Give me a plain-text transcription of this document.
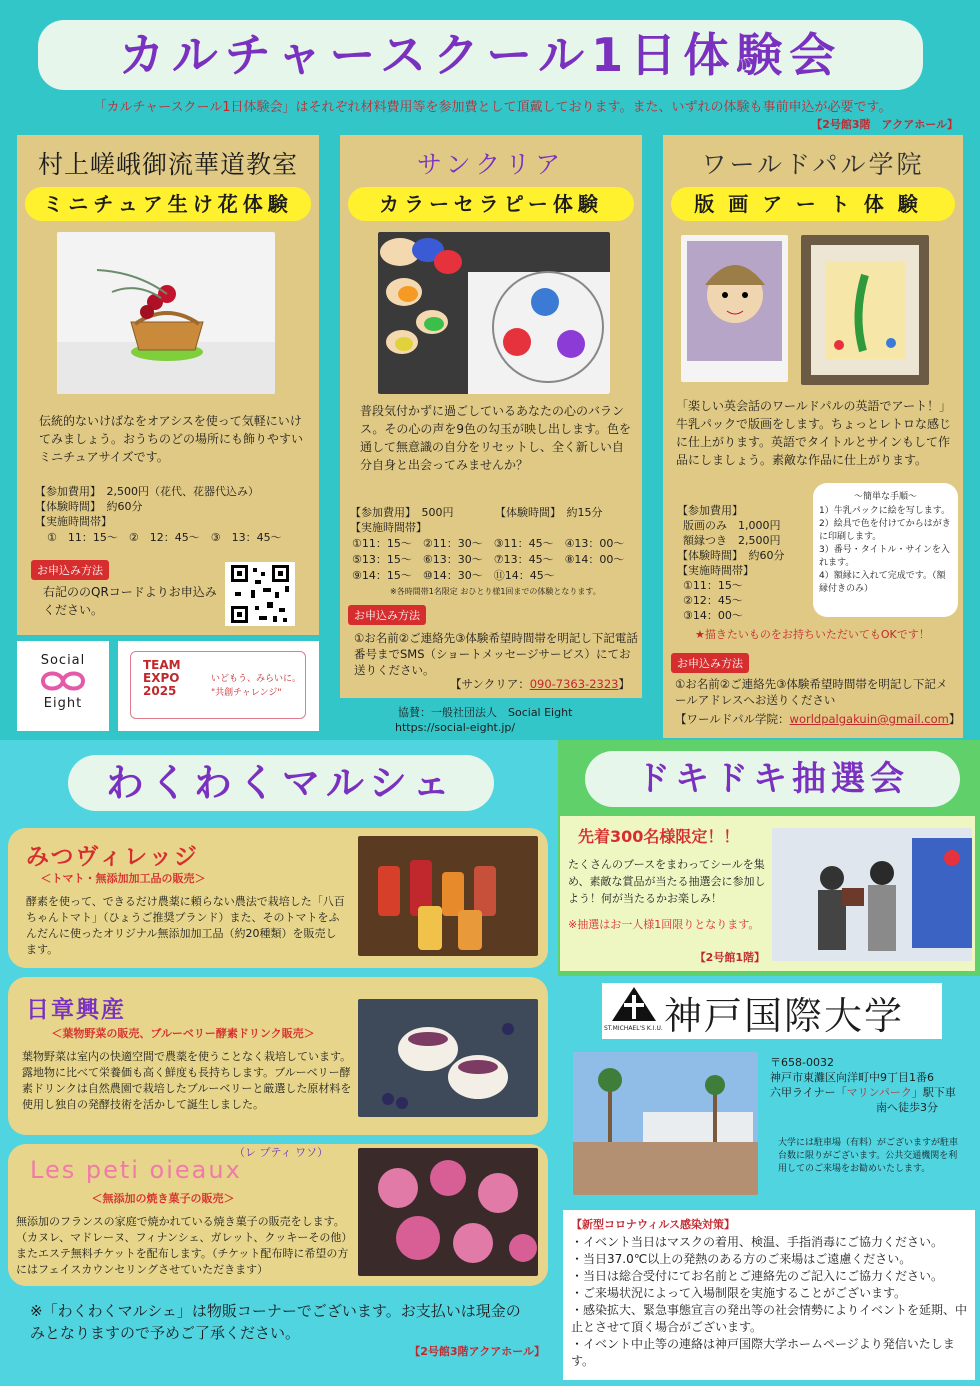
カルチャースクール1日体験会
「カルチャースクール1日体験会」はそれぞれ材料費用等を参加費として頂戴しております。また、いずれの体験も事前申込が必要です。
【2号館3階　アクアホール】
村上嵯峨御流華道教室
ミニチュア生け花体験
伝統的ないけばなをオアシスを使って気軽にいけてみましょう。おうちのどの場所にも飾りやすいミニチュアサイズです。
【参加費用】　2,500円（花代、花器代込み）
【体験時間】　約60分
【実施時間帯】
①　11：15〜　②　12：45〜　③　13：45〜
お申込み方法
右記ののQRコードよりお申込みください。
Social
Eight
TEAM
EXPO
2025
いどもう、みらいに。
"共創チャレンジ"
サンクリア
カラーセラピー体験
普段気付かずに過ごしているあなたの心のバランス。その心の声を9色の勾玉が映し出します。色を通して無意識の自分をリセットし、全く新しい自分自身と出会ってみませんか？
【参加費用】　500円	【体験時間】　約15分
【実施時間帯】
①11：15〜　②11：30〜　③11：45〜　④13：00〜
⑤13：15〜　⑥13：30〜　⑦13：45〜　⑧14：00〜
⑨14：15〜　⑩14：30〜　⑪14：45〜
※各時間帯1名限定 おひとり様1回までの体験となります。
お申込み方法
①お名前②ご連絡先③体験希望時間帯を明記し下記電話番号までSMS（ショートメッセージサービス）にてお送りください。
【サンクリア：090-7363-2323】
協賛：一般社団法人　Social Eight
https://social-eight.jp/
ワールドパル学院
版画アート体験
「楽しい英会話のワールドパルの英語でアート！」牛乳パックで版画をします。ちょっとレトロな感じに仕上がります。英語でタイトルとサインもして作品にしましょう。素敵な作品に仕上がります。
【参加費用】
版画のみ　1,000円
額縁つき　2,500円
【体験時間】　約60分
【実施時間帯】
①11：15〜
②12：45〜
③14：00〜
〜簡単な手順〜
1）牛乳パックに絵を写します。
2）絵具で色を付けてからはがきに印刷します。
3）番号・タイトル・サインを入れます。
4）額縁に入れて完成です。（額縁付きのみ）
★描きたいものをお持ちいただいてもOKです！
お申込み方法
①お名前②ご連絡先③体験希望時間帯を明記し下記メールアドレスへお送りください
【ワールドパル学院：worldpalgakuin@gmail.com】
わくわくマルシェ
みつヴィレッジ
＜トマト・無添加加工品の販売＞
酵素を使って、できるだけ農薬に頼らない農法で栽培した「八百ちゃんトマト」（ひょうご推奨ブランド）また、そのトマトをふんだんに使ったオリジナル無添加加工品（約20種類）を販売します。
日章興産
＜葉物野菜の販売、ブルーベリー酵素ドリンク販売＞
葉物野菜は室内の快適空間で農薬を使うことなく栽培しています。露地物に比べて栄養価も高く鮮度も長持ちします。ブルーベリー酵素ドリンクは自然農園で栽培したブルーベリーと厳選した原材料を使用し独自の発酵技術を活かして誕生しました。
Les peti oieaux
（レ プティ ワソ）
＜無添加の焼き菓子の販売＞
無添加のフランスの家庭で焼かれている焼き菓子の販売をします。（カヌレ、マドレーヌ、フィナンシェ、ガレット、クッキーその他）またエステ無料チケットを配布します。（チケット配布時に希望の方にはフェイスカウンセリングさせていただきます）
※「わくわくマルシェ」は物販コーナーでございます。お支払いは現金のみとなりますので予めご了承ください。
【2号館3階アクアホール】
ドキドキ抽選会
先着300名様限定！！
たくさんのブースをまわってシールを集め、素敵な賞品が当たる抽選会に参加しよう！何が当たるかお楽しみ！
※抽選はお一人様1回限りとなります。
【2号館1階】
ST.MICHAEL'S K.I.U. 神戸国際大学
〒658‐0032
神戸市東灘区向洋町中9丁目1番6
六甲ライナー「マリンパーク」駅下車
南へ徒歩3分
大学には駐車場（有料）がございますが駐車台数に限りがございます。公共交通機関を利用してのご来場をお勧めいたします。
【新型コロナウィルス感染対策】
・イベント当日はマスクの着用、検温、手指消毒にご協力ください。
・当日37.0℃以上の発熱のある方のご来場はご遠慮ください。
・当日は総合受付にてお名前とご連絡先のご記入にご協力ください。
・ご来場状況によって入場制限を実施することがございます。
・感染拡大、緊急事態宣言の発出等の社会情勢によりイベントを延期、中止とさせて頂く場合がございます。
・イベント中止等の連絡は神戸国際大学ホームページより発信いたします。
